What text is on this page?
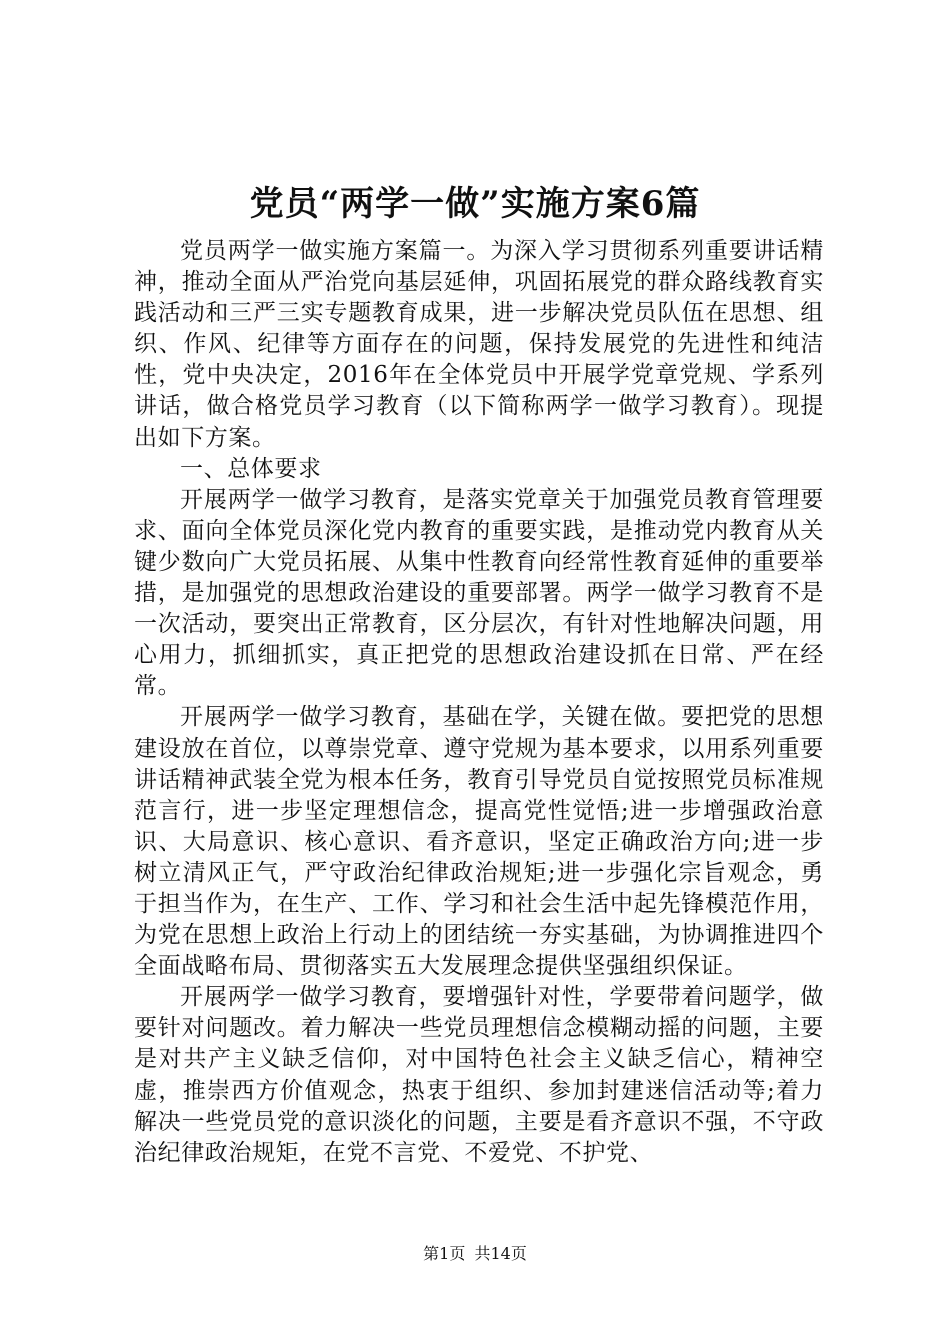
党员“两学一做”实施方案6篇

党员两学一做实施方案篇一。为深入学习贯彻系列重要讲话精神，推动全面从严治党向基层延伸，巩固拓展党的群众路线教育实践活动和三严三实专题教育成果，进一步解决党员队伍在思想、组织、作风、纪律等方面存在的问题，保持发展党的先进性和纯洁性，党中央决定，2016年在全体党员中开展学党章党规、学系列讲话，做合格党员学习教育（以下简称两学一做学习教育）。现提出如下方案。

一、总体要求

开展两学一做学习教育，是落实党章关于加强党员教育管理要求、面向全体党员深化党内教育的重要实践，是推动党内教育从关键少数向广大党员拓展、从集中性教育向经常性教育延伸的重要举措，是加强党的思想政治建设的重要部署。两学一做学习教育不是一次活动，要突出正常教育，区分层次，有针对性地解决问题，用心用力，抓细抓实，真正把党的思想政治建设抓在日常、严在经常。

开展两学一做学习教育，基础在学，关键在做。要把党的思想建设放在首位，以尊崇党章、遵守党规为基本要求，以用系列重要讲话精神武装全党为根本任务，教育引导党员自觉按照党员标准规范言行，进一步坚定理想信念，提高党性觉悟;进一步增强政治意识、大局意识、核心意识、看齐意识，坚定正确政治方向;进一步树立清风正气，严守政治纪律政治规矩;进一步强化宗旨观念，勇于担当作为，在生产、工作、学习和社会生活中起先锋模范作用，为党在思想上政治上行动上的团结统一夯实基础，为协调推进四个全面战略布局、贯彻落实五大发展理念提供坚强组织保证。

开展两学一做学习教育，要增强针对性，学要带着问题学，做要针对问题改。着力解决一些党员理想信念模糊动摇的问题，主要是对共产主义缺乏信仰，对中国特色社会主义缺乏信心，精神空虚，推崇西方价值观念，热衷于组织、参加封建迷信活动等;着力解决一些党员党的意识淡化的问题，主要是看齐意识不强，不守政治纪律政治规矩，在党不言党、不爱党、不护党、

第1页 共14页
